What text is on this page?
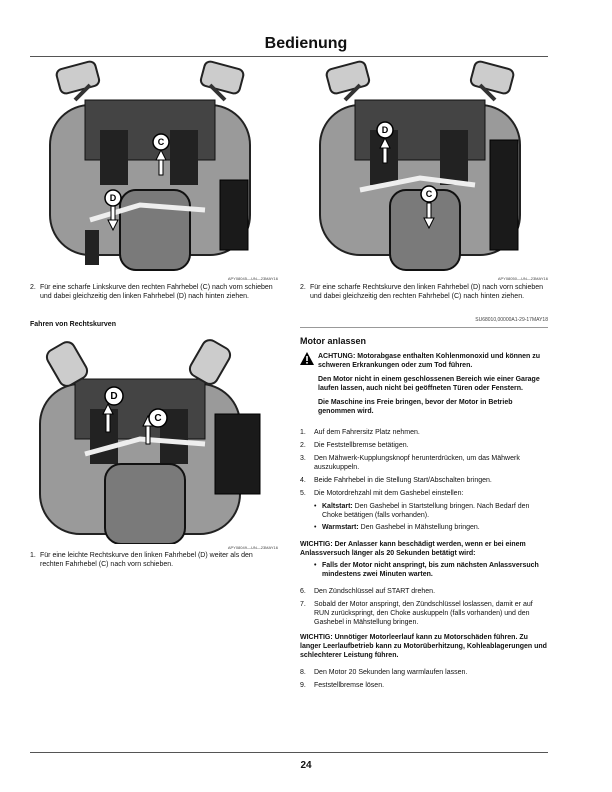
Bedienung
C
D
APY08045—UN—23MAY16
D
C
APY08050—UN—23MAY16
2. Für eine scharfe Linkskurve den rechten Fahrhebel (C) nach vorn schieben und dabei gleichzeitig den linken Fahrhebel (D) nach hinten ziehen.
Fahren von Rechtskurven
2. Für eine scharfe Rechtskurve den linken Fahrhebel (D) nach vorn schieben und dabei gleichzeitig den rechten Fahrhebel (C) nach hinten ziehen.
SU68010,00000A1-29-17MAY18
D
C
APY08049—UN—23MAY16
1. Für eine leichte Rechtskurve den linken Fahrhebel (D) weiter als den rechten Fahrhebel (C) nach vorn schieben.
Motor anlassen
ACHTUNG: Motorabgase enthalten Kohlenmonoxid und können zu schweren Erkrankungen oder zum Tod führen.
Den Motor nicht in einem geschlossenen Bereich wie einer Garage laufen lassen, auch nicht bei geöffneten Türen oder Fenstern.
Die Maschine ins Freie bringen, bevor der Motor in Betrieb genommen wird.
1. Auf dem Fahrersitz Platz nehmen.
2. Die Feststellbremse betätigen.
3. Den Mähwerk-Kupplungsknopf herunterdrücken, um das Mähwerk auszukuppeln.
4. Beide Fahrhebel in die Stellung Start/Abschalten bringen.
5. Die Motordrehzahl mit dem Gashebel einstellen:
• Kaltstart: Den Gashebel in Startstellung bringen. Nach Bedarf den Choke betätigen (falls vorhanden).
• Warmstart: Den Gashebel in Mähstellung bringen.
WICHTIG: Der Anlasser kann beschädigt werden, wenn er bei einem Anlassversuch länger als 20 Sekunden betätigt wird:
• Falls der Motor nicht anspringt, bis zum nächsten Anlassversuch mindestens zwei Minuten warten.
6. Den Zündschlüssel auf START drehen.
7. Sobald der Motor anspringt, den Zündschlüssel loslassen, damit er auf RUN zurückspringt, den Choke auskuppeln (falls vorhanden) und den Gashebel in Mähstellung bringen.
WICHTIG: Unnötiger Motorleerlauf kann zu Motorschäden führen. Zu langer Leerlaufbetrieb kann zu Motorüberhitzung, Kohleablagerungen und schlechterer Leistung führen.
8. Den Motor 20 Sekunden lang warmlaufen lassen.
9. Feststellbremse lösen.
24
